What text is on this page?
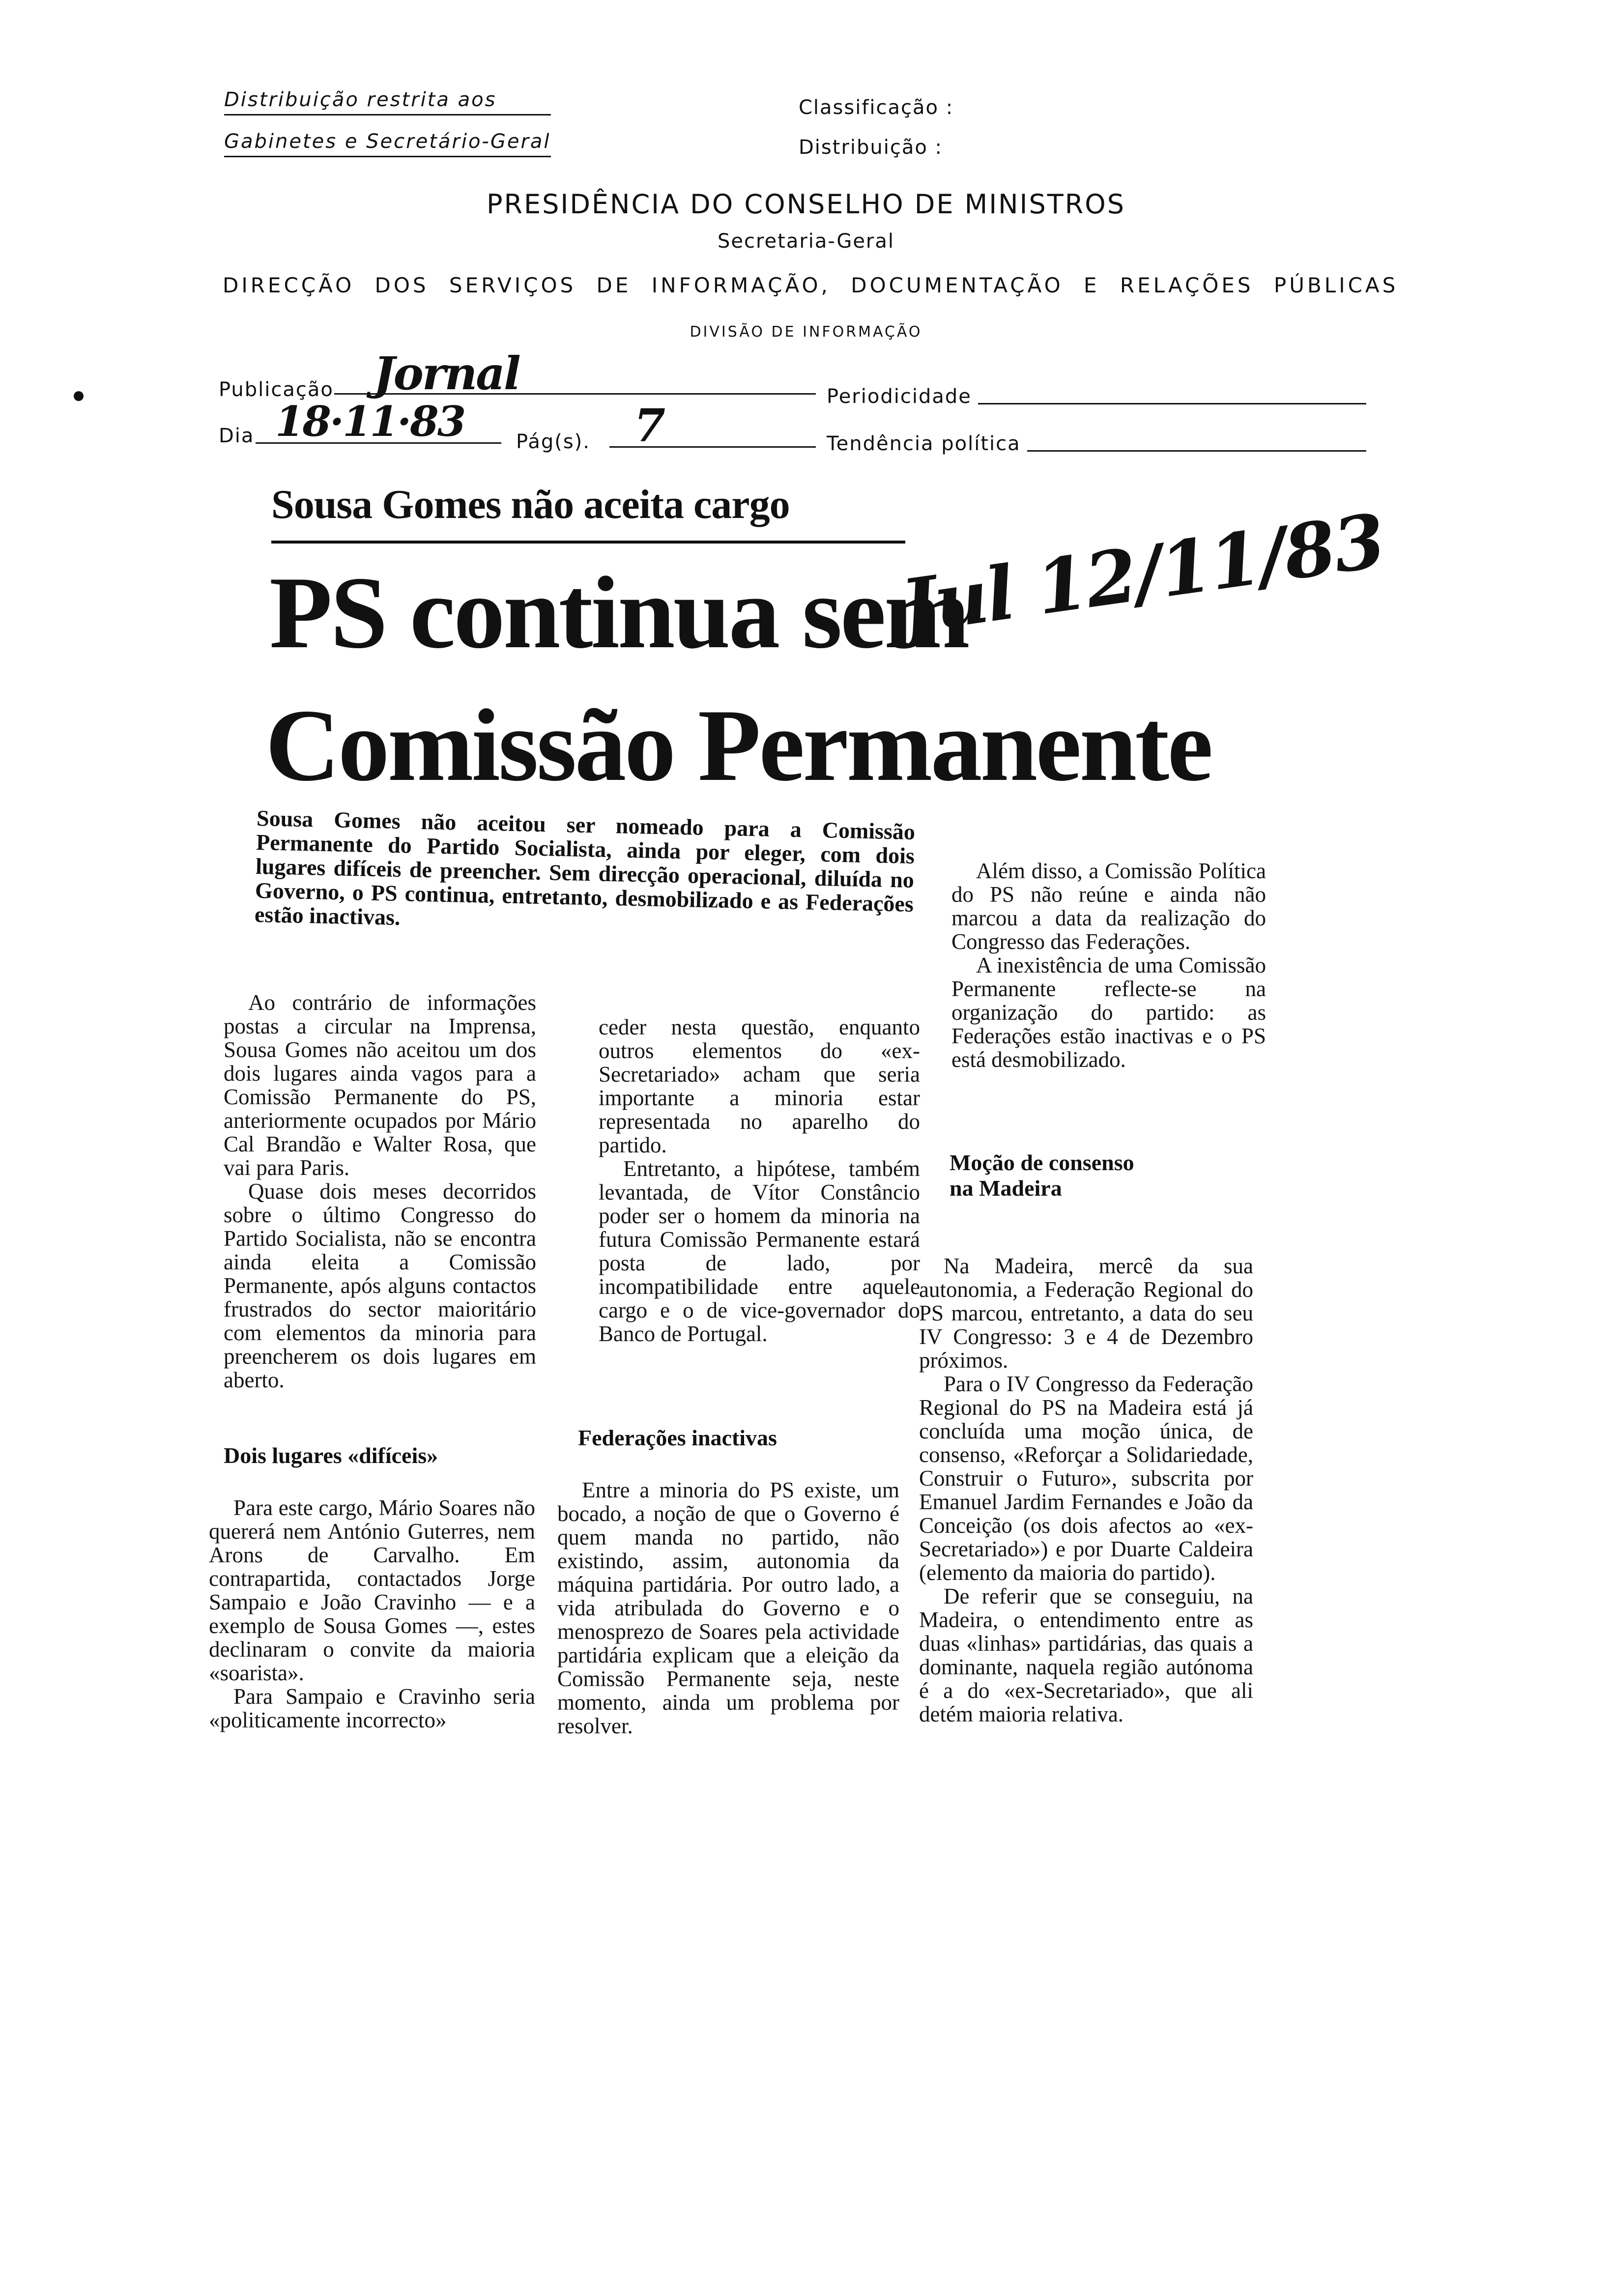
Distribuição restrita aos
Gabinetes e Secretário-Geral
Classificação :
Distribuição :
PRESIDÊNCIA DO CONSELHO DE MINISTROS
Secretaria-Geral
DIRECÇÃO DOS SERVIÇOS DE INFORMAÇÃO, DOCUMENTAÇÃO E RELAÇÕES PÚBLICAS
DIVISÃO DE INFORMAÇÃO
Publicação Jornal	Periodicidade
Dia 18·11·83	Pág(s). 7	Tendência política
Jul 12/11/83
Sousa Gomes não aceita cargo
PS continua sem
Comissão Permanente
Sousa Gomes não aceitou ser nomeado para a Comissão Permanente do Partido Socialista, ainda por eleger, com dois lugares difíceis de preencher. Sem direcção operacional, diluída no Governo, o PS continua, entretanto, desmobilizado e as Federações estão inactivas.

Ao contrário de informações postas a circular na Imprensa, Sousa Gomes não aceitou um dos dois lugares ainda vagos para a Comissão Permanente do PS, anteriormente ocupados por Mário Cal Brandão e Walter Rosa, que vai para Paris.

Quase dois meses decorridos sobre o último Congresso do Partido Socialista, não se encontra ainda eleita a Comissão Permanente, após alguns contactos frustrados do sector maioritário com elementos da minoria para preencherem os dois lugares em aberto.

Dois lugares «difíceis»

Para este cargo, Mário Soares não quererá nem António Guterres, nem Arons de Carvalho. Em contrapartida, contactados Jorge Sampaio e João Cravinho — e a exemplo de Sousa Gomes —, estes declinaram o convite da maioria «soarista».

Para Sampaio e Cravinho seria «politicamente incorrecto»

ceder nesta questão, enquanto outros elementos do «ex-Secretariado» acham que seria importante a minoria estar representada no aparelho do partido.

Entretanto, a hipótese, também levantada, de Vítor Constâncio poder ser o homem da minoria na futura Comissão Permanente estará posta de lado, por incompatibilidade entre aquele cargo e o de vice-governador do Banco de Portugal.

Federações inactivas

Entre a minoria do PS existe, um bocado, a noção de que o Governo é quem manda no partido, não existindo, assim, autonomia da máquina partidária. Por outro lado, a vida atribulada do Governo e o menosprezo de Soares pela actividade partidária explicam que a eleição da Comissão Permanente seja, neste momento, ainda um problema por resolver.

Além disso, a Comissão Política do PS não reúne e ainda não marcou a data da realização do Congresso das Federações.

A inexistência de uma Comissão Permanente reflecte-se na organização do partido: as Federações estão inactivas e o PS está desmobilizado.

Moção de consenso
na Madeira

Na Madeira, mercê da sua autonomia, a Federação Regional do PS marcou, entretanto, a data do seu IV Congresso: 3 e 4 de Dezembro próximos.

Para o IV Congresso da Federação Regional do PS na Madeira está já concluída uma moção única, de consenso, «Reforçar a Solidariedade, Construir o Futuro», subscrita por Emanuel Jardim Fernandes e João da Conceição (os dois afectos ao «ex-Secretariado») e por Duarte Caldeira (elemento da maioria do partido).

De referir que se conseguiu, na Madeira, o entendimento entre as duas «linhas» partidárias, das quais a dominante, naquela região autónoma é a do «ex-Secretariado», que ali detém maioria relativa.
